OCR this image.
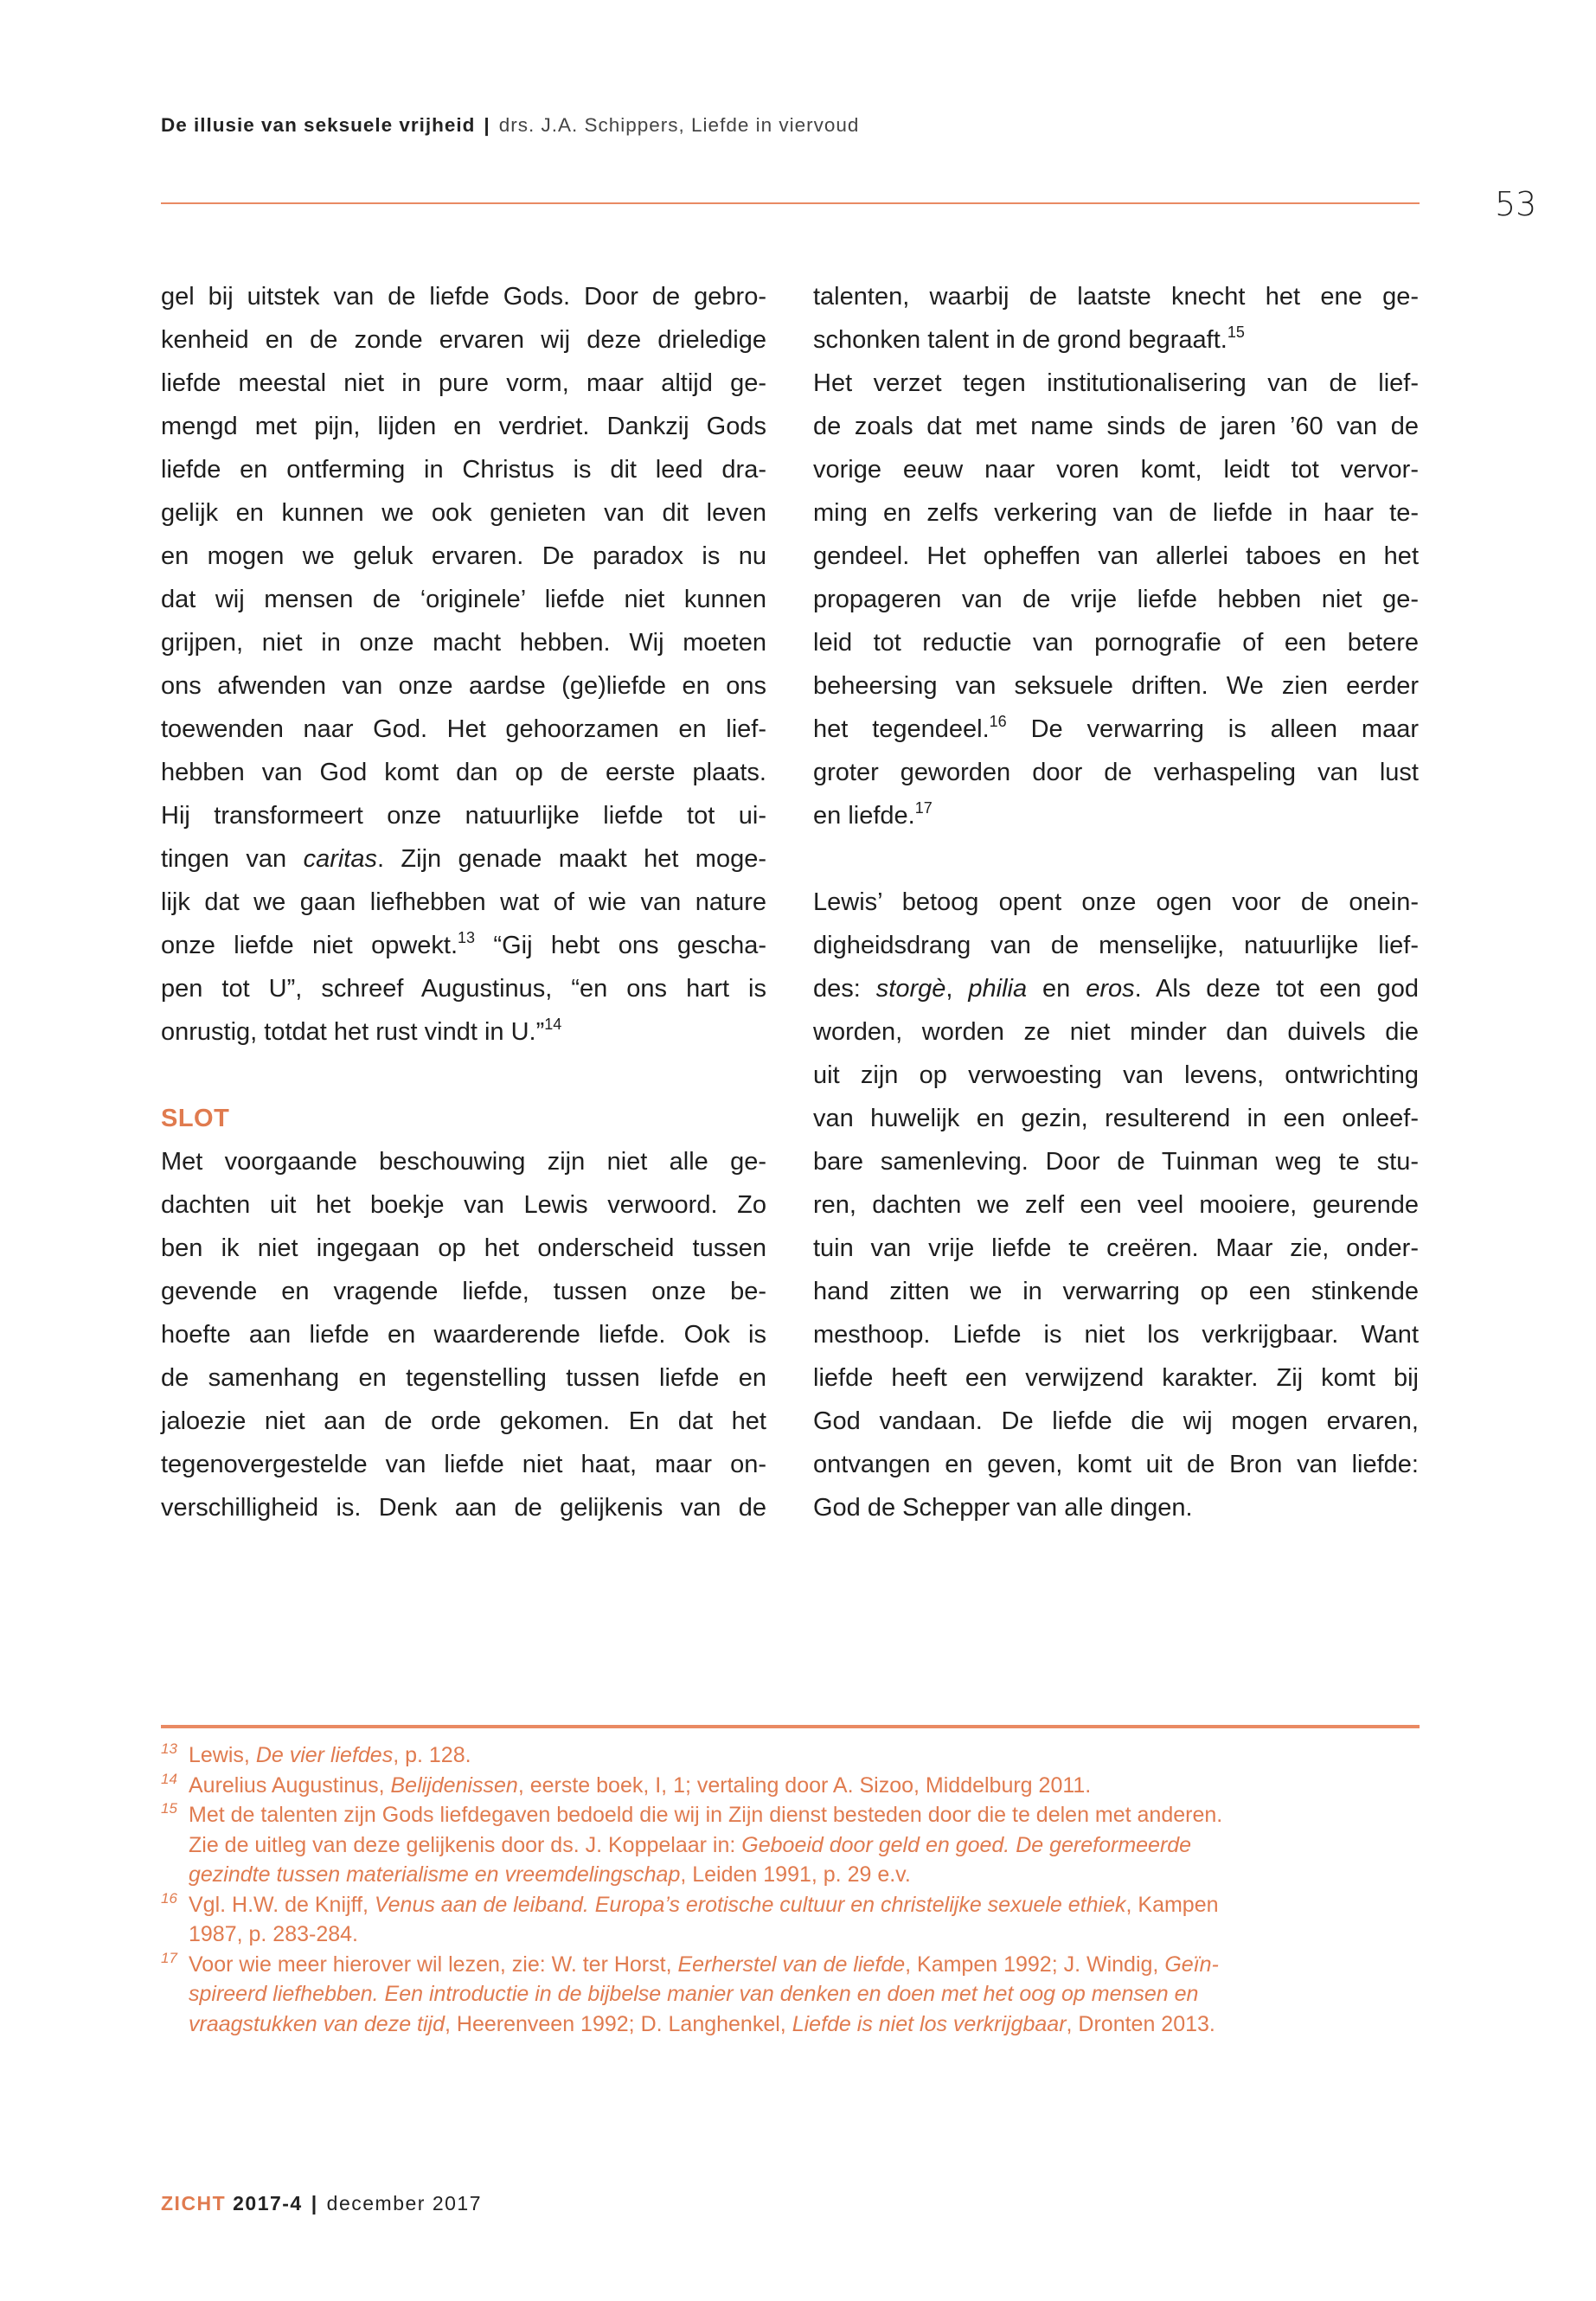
De illusie van seksuele vrijheid | drs. J.A. Schippers, Liefde in viervoud
53

gel bij uitstek van de liefde Gods. Door de gebro-
kenheid en de zonde ervaren wij deze drieledige
liefde meestal niet in pure vorm, maar altijd ge-
mengd met pijn, lijden en verdriet. Dankzij Gods
liefde en ontferming in Christus is dit leed dra-
gelijk en kunnen we ook genieten van dit leven
en mogen we geluk ervaren. De paradox is nu
dat wij mensen de ‘originele’ liefde niet kunnen
grijpen, niet in onze macht hebben. Wij moeten
ons afwenden van onze aardse (ge)liefde en ons
toewenden naar God. Het gehoorzamen en lief-
hebben van God komt dan op de eerste plaats.
Hij transformeert onze natuurlijke liefde tot ui-
tingen van caritas. Zijn genade maakt het moge-
lijk dat we gaan liefhebben wat of wie van nature
onze liefde niet opwekt.$^{13}$ “Gij hebt ons gescha-
pen tot U”, schreef Augustinus, “en ons hart is
onrustig, totdat het rust vindt in U.”$^{14}$

SLOT

Met voorgaande beschouwing zijn niet alle ge-
dachten uit het boekje van Lewis verwoord. Zo
ben ik niet ingegaan op het onderscheid tussen
gevende en vragende liefde, tussen onze be-
hoefte aan liefde en waarderende liefde. Ook is
de samenhang en tegenstelling tussen liefde en
jaloezie niet aan de orde gekomen. En dat het
tegenovergestelde van liefde niet haat, maar on-
verschilligheid is. Denk aan de gelijkenis van de

talenten, waarbij de laatste knecht het ene ge-
schonken talent in de grond begraaft.$^{15}$

Het verzet tegen institutionalisering van de lief-
de zoals dat met name sinds de jaren ’60 van de
vorige eeuw naar voren komt, leidt tot vervor-
ming en zelfs verkering van de liefde in haar te-
gendeel. Het opheffen van allerlei taboes en het
propageren van de vrije liefde hebben niet ge-
leid tot reductie van pornografie of een betere
beheersing van seksuele driften. We zien eerder
het tegendeel.$^{16}$ De verwarring is alleen maar
groter geworden door de verhaspeling van lust
en liefde.$^{17}$

Lewis’ betoog opent onze ogen voor de onein-
digheidsdrang van de menselijke, natuurlijke lief-
des: storgè, philia en eros. Als deze tot een god
worden, worden ze niet minder dan duivels die
uit zijn op verwoesting van levens, ontwrichting
van huwelijk en gezin, resulterend in een onleef-
bare samenleving. Door de Tuinman weg te stu-
ren, dachten we zelf een veel mooiere, geurende
tuin van vrije liefde te creëren. Maar zie, onder-
hand zitten we in verwarring op een stinkende
mesthoop. Liefde is niet los verkrijgbaar. Want
liefde heeft een verwijzend karakter. Zij komt bij
God vandaan. De liefde die wij mogen ervaren,
ontvangen en geven, komt uit de Bron van liefde:
God de Schepper van alle dingen.

13 Lewis, De vier liefdes, p. 128.
14 Aurelius Augustinus, Belijdenissen, eerste boek, I, 1; vertaling door A. Sizoo, Middelburg 2011.
15 Met de talenten zijn Gods liefdegaven bedoeld die wij in Zijn dienst besteden door die te delen met anderen.
Zie de uitleg van deze gelijkenis door ds. J. Koppelaar in: Geboeid door geld en goed. De gereformeerde
gezindte tussen materialisme en vreemdelingschap, Leiden 1991, p. 29 e.v.
16 Vgl. H.W. de Knijff, Venus aan de leiband. Europa’s erotische cultuur en christelijke sexuele ethiek, Kampen
1987, p. 283-284.
17 Voor wie meer hierover wil lezen, zie: W. ter Horst, Eerherstel van de liefde, Kampen 1992; J. Windig, Geïn-
spireerd liefhebben. Een introductie in de bijbelse manier van denken en doen met het oog op mensen en
vraagstukken van deze tijd, Heerenveen 1992; D. Langhenkel, Liefde is niet los verkrijgbaar, Dronten 2013.
ZICHT 2017-4 | december 2017
